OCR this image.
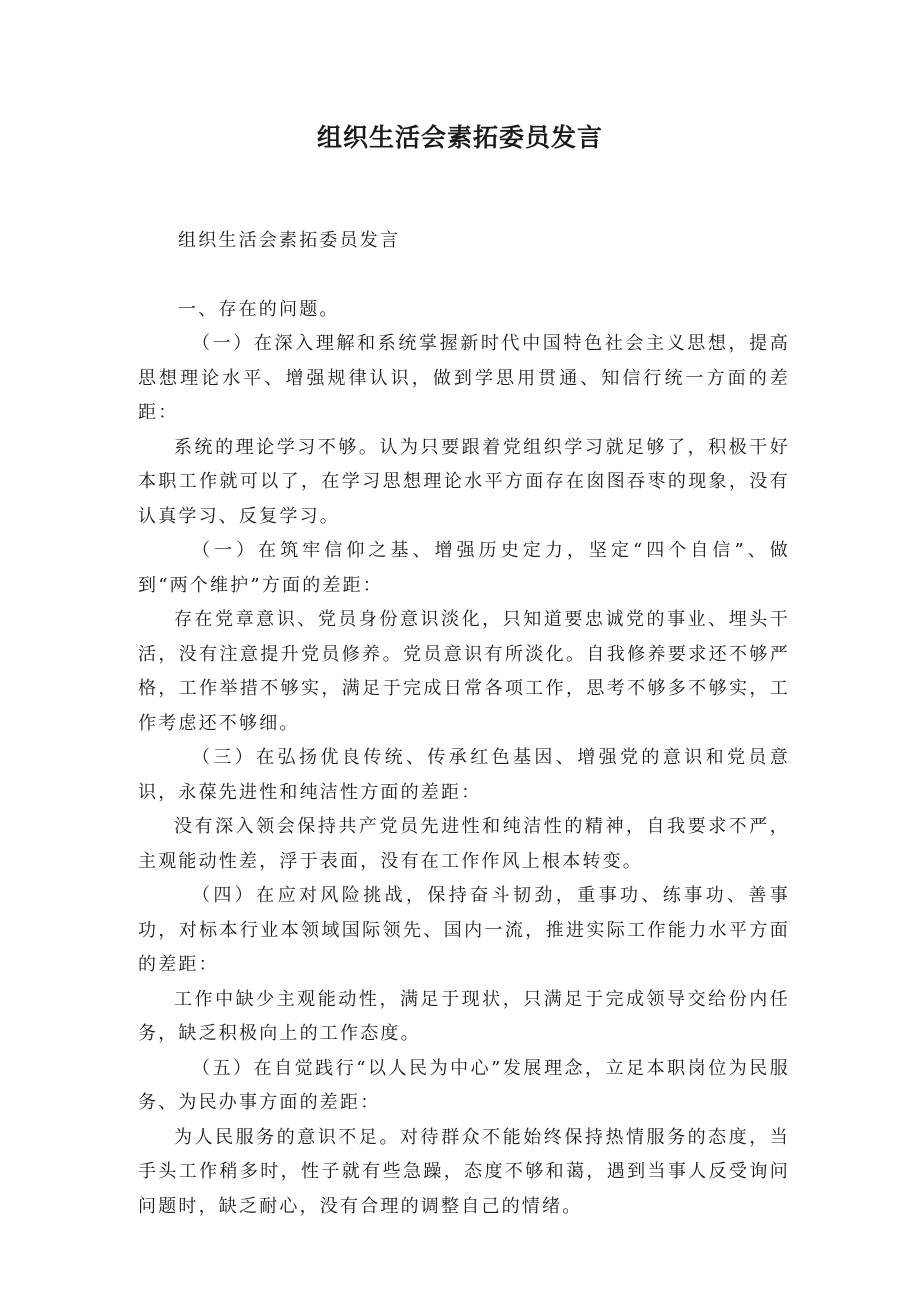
组织生活会素拓委员发言

组织生活会素拓委员发言

一、存在的问题。

（一）在深入理解和系统掌握新时代中国特色社会主义思想，提高思想理论水平、增强规律认识，做到学思用贯通、知信行统一方面的差距：

系统的理论学习不够。认为只要跟着党组织学习就足够了，积极干好本职工作就可以了，在学习思想理论水平方面存在囱图吞枣的现象，没有认真学习、反复学习。

（一）在筑牢信仰之基、增强历史定力，坚定“四个自信”、做到“两个维护”方面的差距：

存在党章意识、党员身份意识淡化，只知道要忠诚党的事业、埋头干活，没有注意提升党员修养。党员意识有所淡化。自我修养要求还不够严格，工作举措不够实，满足于完成日常各项工作，思考不够多不够实，工作考虑还不够细。

（三）在弘扬优良传统、传承红色基因、增强党的意识和党员意识，永葆先进性和纯洁性方面的差距：

没有深入领会保持共产党员先进性和纯洁性的精神，自我要求不严，主观能动性差，浮于表面，没有在工作作风上根本转变。

（四）在应对风险挑战，保持奋斗韧劲，重事功、练事功、善事功，对标本行业本领域国际领先、国内一流，推进实际工作能力水平方面的差距：

工作中缺少主观能动性，满足于现状，只满足于完成领导交给份内任务，缺乏积极向上的工作态度。

（五）在自觉践行“以人民为中心”发展理念，立足本职岗位为民服务、为民办事方面的差距：

为人民服务的意识不足。对待群众不能始终保持热情服务的态度，当手头工作稍多时，性子就有些急躁，态度不够和蔼，遇到当事人反受询问问题时，缺乏耐心，没有合理的调整自己的情绪。
